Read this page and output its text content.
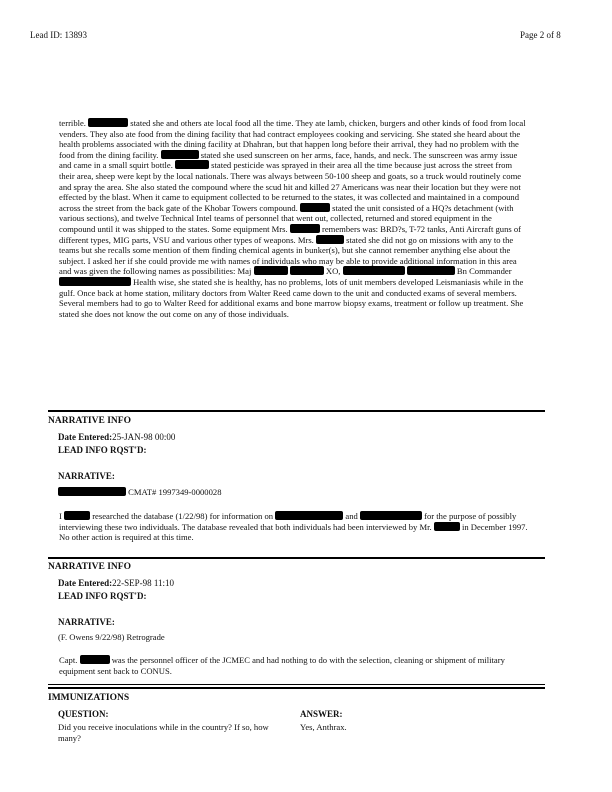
Lead ID: 13893	Page 2 of 8

terrible.	stated she and others ate local food all the time. They ate lamb, chicken, burgers and other kinds of food from local venders. They also ate food from the dining facility that had contract employees cooking and servicing. She stated she heard about the health problems associated with the dining facility at Dhahran, but that happen long before their arrival, they had no problem with the food from the dining facility.	stated she used sunscreen on her arms, face, hands, and neck. The sunscreen was army issue and came in a small squirt bottle.	stated pesticide was sprayed in their area all the time because just across the street from their area, sheep were kept by the local nationals. There was always between 50-100 sheep and goats, so a truck would routinely come and spray the area. She also stated the compound where the scud hit and killed 27 Americans was near their location but they were not effected by the blast. When it came to equipment collected to be returned to the states, it was collected and maintained in a compound across the street from the back gate of the Khobar Towers compound.	stated the unit consisted of a HQ?s detachment (with various sections), and twelve Technical Intel teams of personnel that went out, collected, returned and stored equipment in the compound until it was shipped to the states. Some equipment Mrs.	remembers was: BRD?s, T-72 tanks, Anti Aircraft guns of different types, MIG parts, VSU and various other types of weapons. Mrs.	stated she did not go on missions with any to the teams but she recalls some mention of them finding chemical agents in bunker(s), but she cannot remember anything else about the subject. I asked her if she could provide me with names of individuals who may be able to provide additional information in this area and was given the following names as possibilities: Maj	XO,	Bn Commander  Health wise, she stated she is healthy, has no problems, lots of unit members developed Leismaniasis while in the gulf. Once back at home station, military doctors from Walter Reed came down to the unit and conducted exams of several members. Several members had to go to Walter Reed for additional exams and bone marrow biopsy exams, treatment or follow up treatment. She stated she does not know the out come on any of those individuals.

NARRATIVE INFO
Date Entered:25-JAN-98 00:00
LEAD INFO RQST'D:
NARRATIVE:
CMAT# 1997349-0000028
I	researched the database (1/22/98) for information on	and	for the purpose of possibly interviewing these two individuals. The database revealed that both individuals had been interviewed by Mr.	in December 1997. No other action is required at this time.
NARRATIVE INFO
Date Entered:22-SEP-98 11:10
LEAD INFO RQST'D:
NARRATIVE:
(F. Owens 9/22/98) Retrograde
Capt.	was the personnel officer of the JCMEC and had nothing to do with the selection, cleaning or shipment of military equipment sent back to CONUS.
IMMUNIZATIONS
QUESTION:	ANSWER:
Did you receive inoculations while in the country? If so, how many?
Yes, Anthrax.
